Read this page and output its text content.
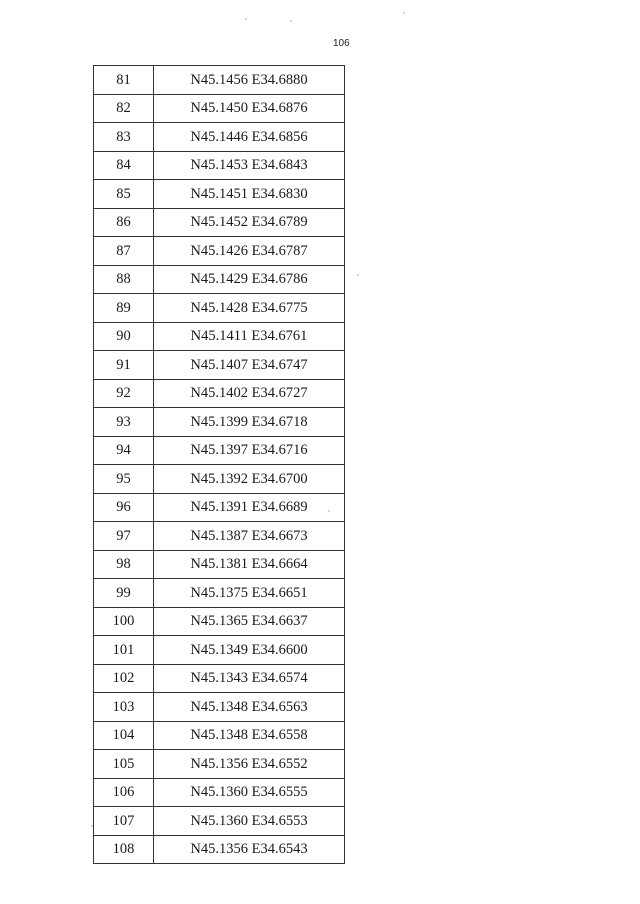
106
81	N45.1456 E34.6880
82	N45.1450 E34.6876
83	N45.1446 E34.6856
84	N45.1453 E34.6843
85	N45.1451 E34.6830
86	N45.1452 E34.6789
87	N45.1426 E34.6787
88	N45.1429 E34.6786
89	N45.1428 E34.6775
90	N45.1411 E34.6761
91	N45.1407 E34.6747
92	N45.1402 E34.6727
93	N45.1399 E34.6718
94	N45.1397 E34.6716
95	N45.1392 E34.6700
96	N45.1391 E34.6689
97	N45.1387 E34.6673
98	N45.1381 E34.6664
99	N45.1375 E34.6651
100	N45.1365 E34.6637
101	N45.1349 E34.6600
102	N45.1343 E34.6574
103	N45.1348 E34.6563
104	N45.1348 E34.6558
105	N45.1356 E34.6552
106	N45.1360 E34.6555
107	N45.1360 E34.6553
108	N45.1356 E34.6543
